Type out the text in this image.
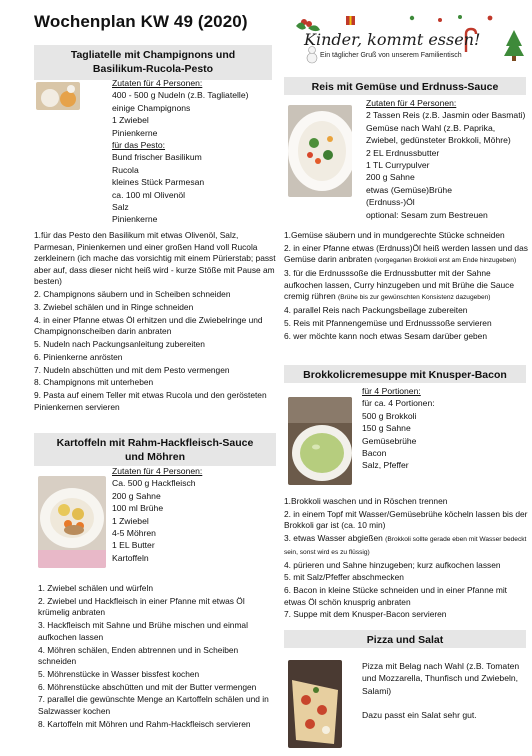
Wochenplan KW 49 (2020)
Kinder, kommt essen!
Ein täglicher Gruß von unserem Familientisch
Tagliatelle mit Champignons und
Basilikum-Rucola-Pesto
Zutaten für 4 Personen:
400 - 500 g Nudeln (z.B. Tagliatelle)
einige Champignons
1 Zwiebel
Pinienkerne
für das Pesto:
Bund frischer Basilikum
Rucola
kleines Stück Parmesan
ca. 100 ml Olivenöl
Salz
Pinienkerne
1.für das Pesto den Basilikum mit etwas Olivenöl, Salz, Parmesan, Pinienkernen und einer großen Hand voll Rucola zerkleinern (ich mache das vorsichtig mit einem Pürierstab; passt aber auf, dass dieser nicht heiß wird - kurze Stöße mit Pause am besten)
2. Champignons säubern und in Scheiben schneiden
3. Zwiebel schälen und in Ringe schneiden
4. in einer Pfanne etwas Öl erhitzen und die Zwiebelringe und Champignonscheiben darin anbraten
5. Nudeln nach Packungsanleitung zubereiten
6. Pinienkerne anrösten
7. Nudeln abschütten und mit dem Pesto vermengen
8. Champignons mit unterheben
9. Pasta auf einem Teller mit etwas Rucola und den gerösteten Pinienkernen servieren
Kartoffeln mit Rahm-Hackfleisch-Sauce
und Möhren
Zutaten für 4 Personen:
Ca. 500 g Hackfleisch
200 g Sahne
100 ml Brühe
1 Zwiebel
4-5 Möhren
1 EL Butter
Kartoffeln
1. Zwiebel schälen und würfeln
2. Zwiebel und Hackfleisch in einer Pfanne mit etwas Öl krümelig anbraten
3. Hackfleisch mit Sahne und Brühe mischen und einmal aufkochen lassen
4. Möhren schälen, Enden abtrennen und in Scheiben schneiden
5. Möhrenstücke in Wasser bissfest kochen
6. Möhrenstücke abschütten und mit der Butter vermengen
7. parallel die gewünschte Menge an Kartoffeln schälen und in Salzwasser kochen
8. Kartoffeln mit Möhren und Rahm-Hackfleisch servieren
Reis mit Gemüse und Erdnuss-Sauce
Zutaten für 4 Personen:
2 Tassen Reis (z.B. Jasmin oder Basmati)
Gemüse nach Wahl (z.B. Paprika, Zwiebel, gedünsteter Brokkoli, Möhre)
2 EL Erdnussbutter
1 TL Currypulver
200 g Sahne
etwas (Gemüse)Brühe
(Erdnuss-)Öl
optional: Sesam zum Bestreuen
1.Gemüse säubern und in mundgerechte Stücke schneiden
2. in einer Pfanne etwas (Erdnuss)Öl heiß werden lassen und das Gemüse darin anbraten (vorgegarten Brokkoli erst am Ende hinzugeben)
3. für die Erdnusssoße die Erdnussbutter mit der Sahne aufkochen lassen, Curry hinzugeben und mit Brühe die Sauce cremig rühren (Brühe bis zur gewünschten Konsistenz dazugeben)
4. parallel Reis nach Packungsbeilage zubereiten
5. Reis mit Pfannengemüse und Erdnusssoße servieren
6. wer möchte kann noch etwas Sesam darüber geben
Brokkolicremesuppe mit Knusper-Bacon
für 4 Portionen:
für ca. 4 Portionen:
500 g Brokkoli
150 g Sahne
Gemüsebrühe
Bacon
Salz, Pfeffer
1.Brokkoli waschen und in Röschen trennen
2. in einem Topf mit Wasser/Gemüsebrühe köcheln lassen bis der Brokkoli gar ist (ca. 10 min)
3. etwas Wasser abgießen (Brokkoli sollte gerade eben mit Wasser bedeckt sein, sonst wird es zu flüssig)
4. pürieren und Sahne hinzugeben; kurz aufkochen lassen
5. mit Salz/Pfeffer abschmecken
6. Bacon in kleine Stücke schneiden und in einer Pfanne mit etwas Öl schön knusprig anbraten
7. Suppe mit dem Knusper-Bacon servieren
Pizza und Salat
Pizza mit Belag nach Wahl (z.B. Tomaten und Mozzarella, Thunfisch und Zwiebeln, Salami)
Dazu passt ein Salat sehr gut.
